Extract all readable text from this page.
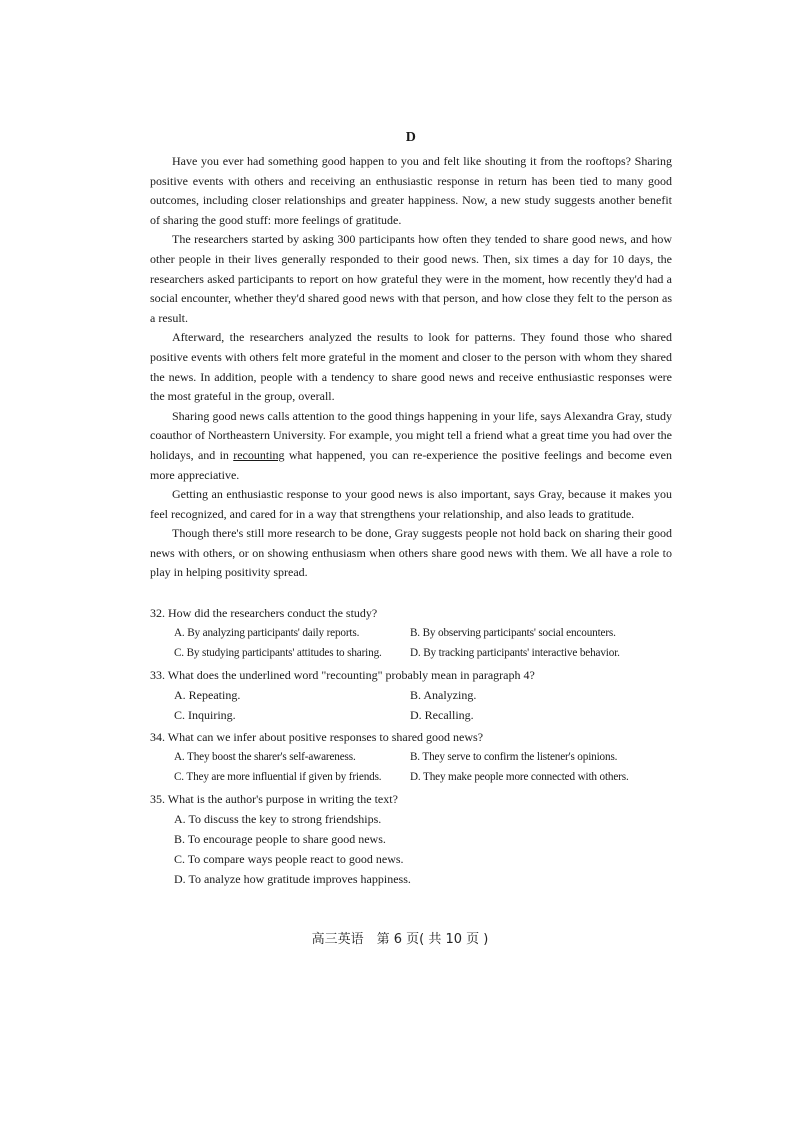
D

Have you ever had something good happen to you and felt like shouting it from the rooftops? Sharing positive events with others and receiving an enthusiastic response in return has been tied to many good outcomes, including closer relationships and greater happiness. Now, a new study suggests another benefit of sharing the good stuff: more feelings of gratitude.

The researchers started by asking 300 participants how often they tended to share good news, and how other people in their lives generally responded to their good news. Then, six times a day for 10 days, the researchers asked participants to report on how grateful they were in the moment, how recently they'd had a social encounter, whether they'd shared good news with that person, and how close they felt to the person as a result.

Afterward, the researchers analyzed the results to look for patterns. They found those who shared positive events with others felt more grateful in the moment and closer to the person with whom they shared the news. In addition, people with a tendency to share good news and receive enthusiastic responses were the most grateful in the group, overall.

Sharing good news calls attention to the good things happening in your life, says Alexandra Gray, study coauthor of Northeastern University. For example, you might tell a friend what a great time you had over the holidays, and in recounting what happened, you can re-experience the positive feelings and become even more appreciative.

Getting an enthusiastic response to your good news is also important, says Gray, because it makes you feel recognized, and cared for in a way that strengthens your relationship, and also leads to gratitude.

Though there's still more research to be done, Gray suggests people not hold back on sharing their good news with others, or on showing enthusiasm when others share good news with them. We all have a role to play in helping positivity spread.

32. How did the researchers conduct the study?

A. By analyzing participants' daily reports.	B. By observing participants' social encounters.
C. By studying participants' attitudes to sharing.	D. By tracking participants' interactive behavior.

33. What does the underlined word "recounting" probably mean in paragraph 4?

A. Repeating.	B. Analyzing.
C. Inquiring.	D. Recalling.

34. What can we infer about positive responses to shared good news?

A. They boost the sharer's self-awareness.	B. They serve to confirm the listener's opinions.
C. They are more influential if given by friends.	D. They make people more connected with others.

35. What is the author's purpose in writing the text?

A. To discuss the key to strong friendships.
B. To encourage people to share good news.
C. To compare ways people react to good news.
D. To analyze how gratitude improves happiness.
高三英语　第 6 页( 共 10 页 )
